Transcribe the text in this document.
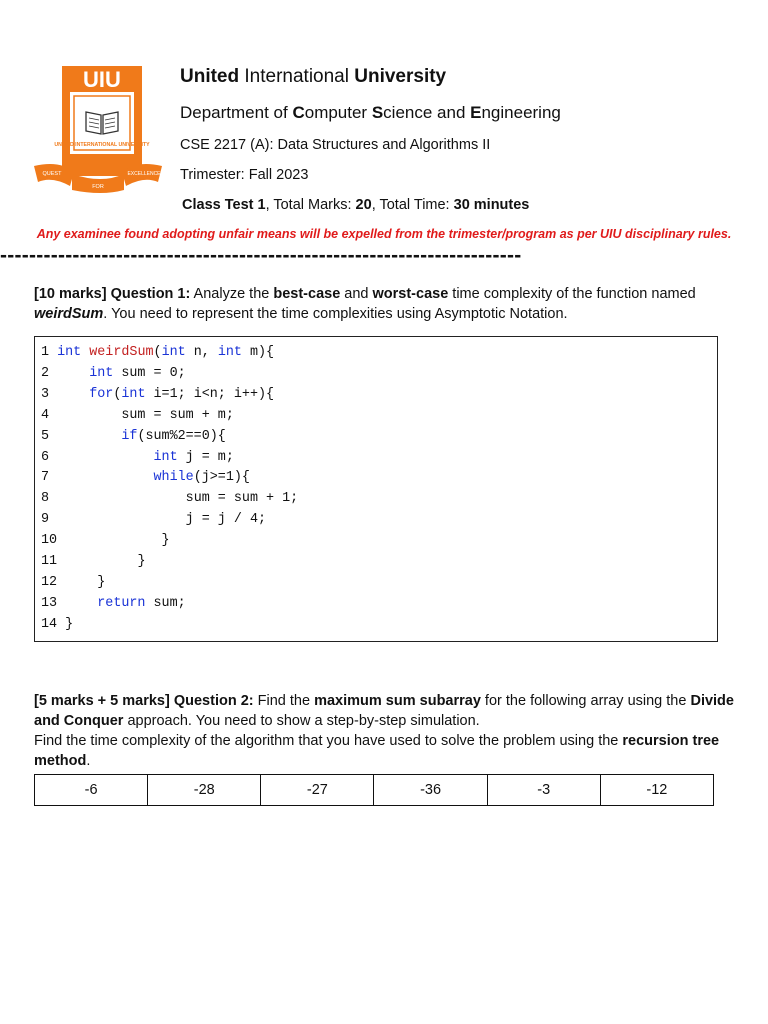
UIU
UNITED INTERNATIONAL UNIVERSITY
QUEST
FOR
EXCELLENCE
United International University
Department of Computer Science and Engineering
CSE 2217 (A): Data Structures and Algorithms II
Trimester: Fall 2023
Class Test 1, Total Marks: 20, Total Time: 30 minutes
Any examinee found adopting unfair means will be expelled from the trimester/program as per UIU disciplinary rules.
------------------------------------------------------------------------
[10 marks] Question 1: Analyze the best-case and worst-case time complexity of the function named weirdSum. You need to represent the time complexities using Asymptotic Notation.
1 int weirdSum(int n, int m){
2     int sum = 0;
3     for(int i=1; i<n; i++){
4         sum = sum + m;
5         if(sum%2==0){
6             int j = m;
7             while(j>=1){
8                 sum = sum + 1;
9                 j = j / 4;
10             }
11          }
12     }
13     return sum;
14 }
[5 marks + 5 marks] Question 2: Find the maximum sum subarray for the following array using the Divide and Conquer approach. You need to show a step-by-step simulation.
Find the time complexity of the algorithm that you have used to solve the problem using the recursion tree method.
-6	-28	-27	-36	-3	-12
